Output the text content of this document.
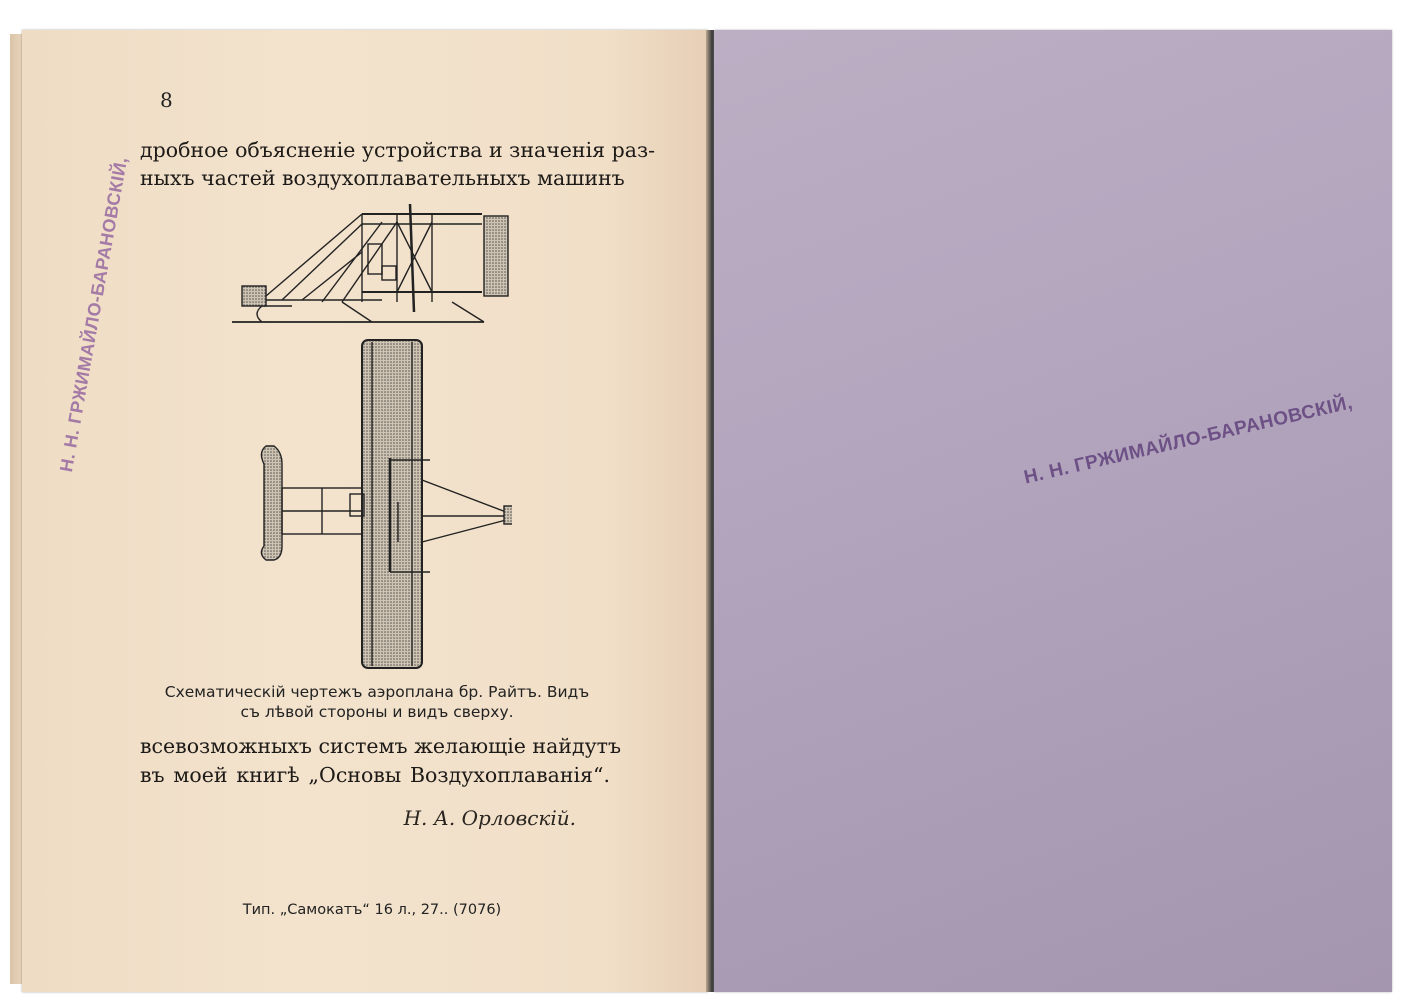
8
дробное объясненіе устройства и значенія раз-
ныхъ частей воздухоплавательныхъ машинъ
Схематическій чертежъ аэроплана бр. Райтъ. Видъ
съ лѣвой стороны и видъ сверху.
всевозможныхъ системъ желающіе найдутъ
въ моей книгѣ „Основы Воздухоплаванія“.
Н. А. Орловскій.
Тип. „Самокатъ“ 16 л., 27.. (7076)
Н. Н. ГРЖИМАЙЛО-БАРАНОВСКІЙ,	Н. Н. ГРЖИМАЙЛО-БАРАНОВСКІЙ,
